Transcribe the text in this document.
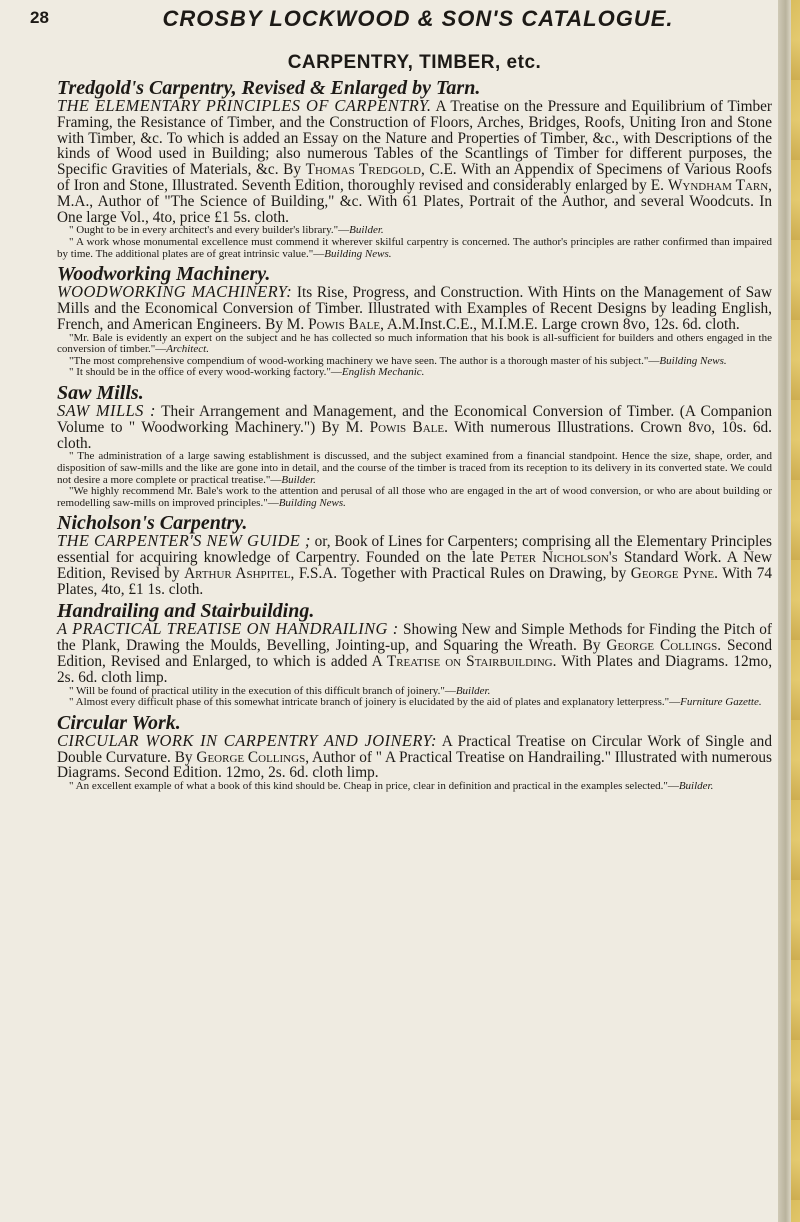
28	CROSBY LOCKWOOD & SON'S CATALOGUE.
CARPENTRY, TIMBER, etc.
Tredgold's Carpentry, Revised & Enlarged by Tarn.

THE ELEMENTARY PRINCIPLES OF CARPENTRY. A Treatise on the Pressure and Equilibrium of Timber Framing, the Resistance of Timber, and the Construction of Floors, Arches, Bridges, Roofs, Uniting Iron and Stone with Timber, &c. To which is added an Essay on the Nature and Properties of Timber, &c., with Descriptions of the kinds of Wood used in Building; also numerous Tables of the Scantlings of Timber for different purposes, the Specific Gravities of Materials, &c. By Thomas Tredgold, C.E. With an Appendix of Specimens of Various Roofs of Iron and Stone, Illustrated. Seventh Edition, thoroughly revised and considerably enlarged by E. Wyndham Tarn, M.A., Author of "The Science of Building," &c. With 61 Plates, Portrait of the Author, and several Woodcuts. In One large Vol., 4to, price £1 5s. cloth.

" Ought to be in every architect's and every builder's library."—Builder.

" A work whose monumental excellence must commend it wherever skilful carpentry is concerned. The author's principles are rather confirmed than impaired by time. The additional plates are of great intrinsic value."—Building News.

Woodworking Machinery.

WOODWORKING MACHINERY: Its Rise, Progress, and Construction. With Hints on the Management of Saw Mills and the Economical Conversion of Timber. Illustrated with Examples of Recent Designs by leading English, French, and American Engineers. By M. Powis Bale, A.M.Inst.C.E., M.I.M.E. Large crown 8vo, 12s. 6d. cloth.

"Mr. Bale is evidently an expert on the subject and he has collected so much information that his book is all-sufficient for builders and others engaged in the conversion of timber."—Architect.

"The most comprehensive compendium of wood-working machinery we have seen. The author is a thorough master of his subject."—Building News.

" It should be in the office of every wood-working factory."—English Mechanic.

Saw Mills.

SAW MILLS : Their Arrangement and Management, and the Economical Conversion of Timber. (A Companion Volume to " Woodworking Machinery.") By M. Powis Bale. With numerous Illustrations. Crown 8vo, 10s. 6d. cloth.

" The administration of a large sawing establishment is discussed, and the subject examined from a financial standpoint. Hence the size, shape, order, and disposition of saw-mills and the like are gone into in detail, and the course of the timber is traced from its reception to its delivery in its converted state. We could not desire a more complete or practical treatise."—Builder.

"We highly recommend Mr. Bale's work to the attention and perusal of all those who are engaged in the art of wood conversion, or who are about building or remodelling saw-mills on improved principles."—Building News.

Nicholson's Carpentry.

THE CARPENTER'S NEW GUIDE ; or, Book of Lines for Carpenters; comprising all the Elementary Principles essential for acquiring knowledge of Carpentry. Founded on the late Peter Nicholson's Standard Work. A New Edition, Revised by Arthur Ashpitel, F.S.A. Together with Practical Rules on Drawing, by George Pyne. With 74 Plates, 4to, £1 1s. cloth.

Handrailing and Stairbuilding.

A PRACTICAL TREATISE ON HANDRAILING : Showing New and Simple Methods for Finding the Pitch of the Plank, Drawing the Moulds, Bevelling, Jointing-up, and Squaring the Wreath. By George Collings. Second Edition, Revised and Enlarged, to which is added A Treatise on Stairbuilding. With Plates and Diagrams. 12mo, 2s. 6d. cloth limp.

" Will be found of practical utility in the execution of this difficult branch of joinery."—Builder.

" Almost every difficult phase of this somewhat intricate branch of joinery is elucidated by the aid of plates and explanatory letterpress."—Furniture Gazette.

Circular Work.

CIRCULAR WORK IN CARPENTRY AND JOINERY: A Practical Treatise on Circular Work of Single and Double Curvature. By George Collings, Author of " A Practical Treatise on Handrailing." Illustrated with numerous Diagrams. Second Edition. 12mo, 2s. 6d. cloth limp.

" An excellent example of what a book of this kind should be. Cheap in price, clear in definition and practical in the examples selected."—Builder.
